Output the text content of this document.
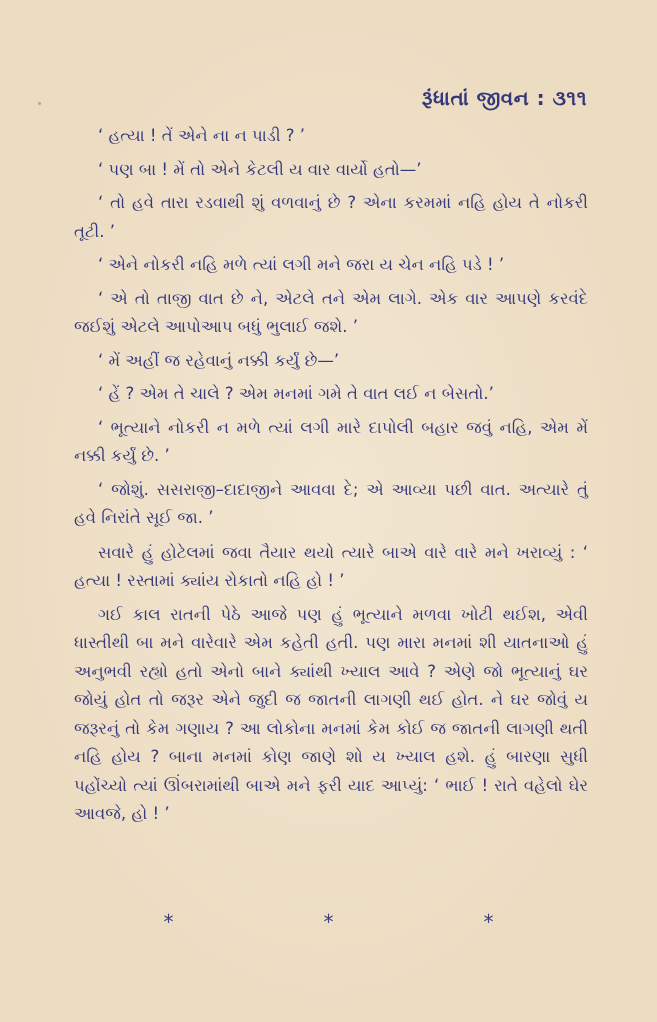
રૂંધાતાં જીવન : ૩૧૧

‘ હત્યા ! તેં એને ના ન પાડી ? ’

‘ પણ બા ! મેં તો એને કેટલી ય વાર વાર્યો હતો—’

‘ તો હવે તારા રડવાથી શું વળવાનું છે ? એના કરમમાં નહિ હોય તે નોકરી તૂટી. ’

‘ એને નોકરી નહિ મળે ત્યાં લગી મને જરા ય ચેન નહિ પડે ! ’

‘ એ તો તાજી વાત છે ને, એટલે તને એમ લાગે. એક વાર આપણે કરવંદે જઈશું એટલે આપોઆપ બધું ભુલાઈ જશે. ’

‘ મેં અહીં જ રહેવાનું નક્કી કર્યું છે—’

‘ હેં ? એમ તે ચાલે ? એમ મનમાં ગમે તે વાત લઈ ન બેસતો.’

‘ ભૂત્યાને નોકરી ન મળે ત્યાં લગી મારે દાપોલી બહાર જવું નહિ, એમ મેં નક્કી કર્યું છે. ’

‘ જોશું. સસરાજી–દાદાજીને આવવા દે; એ આવ્યા પછી વાત. અત્યારે તું હવે નિરાંતે સૂઈ જા. ’

સવારે હું હોટેલમાં જવા તૈયાર થયો ત્યારે બાએ વારે વારે મને ખરાવ્યું : ‘ હત્યા ! રસ્તામાં ક્યાંય રોકાતો નહિ હો ! ’

ગઈ કાલ રાતની પેઠે આજે પણ હું ભૂત્યાને મળવા ખોટી થઈશ, એવી ધાસ્તીથી બા મને વારેવારે એમ કહેતી હતી. પણ મારા મનમાં શી યાતનાઓ હું અનુભવી રહ્યો હતો એનો બાને ક્યાંથી ખ્યાલ આવે ? એણે જો ભૂત્યાનું ઘર જોયું હોત તો જરૂર એને જુદી જ જાતની લાગણી થઈ હોત. ને ઘર જોવું ય જરૂરનું તો કેમ ગણાય ? આ લોકોના મનમાં કેમ કોઈ જ જાતની લાગણી થતી નહિ હોય ? બાના મનમાં કોણ જાણે શો ય ખ્યાલ હશે. હું બારણા સુધી પહોંચ્યો ત્યાં ઊંબરામાંથી બાએ મને ફરી યાદ આપ્યું: ‘ ભાઈ ! રાતે વહેલો ઘેર આવજે, હો ! ’

*	*	*
